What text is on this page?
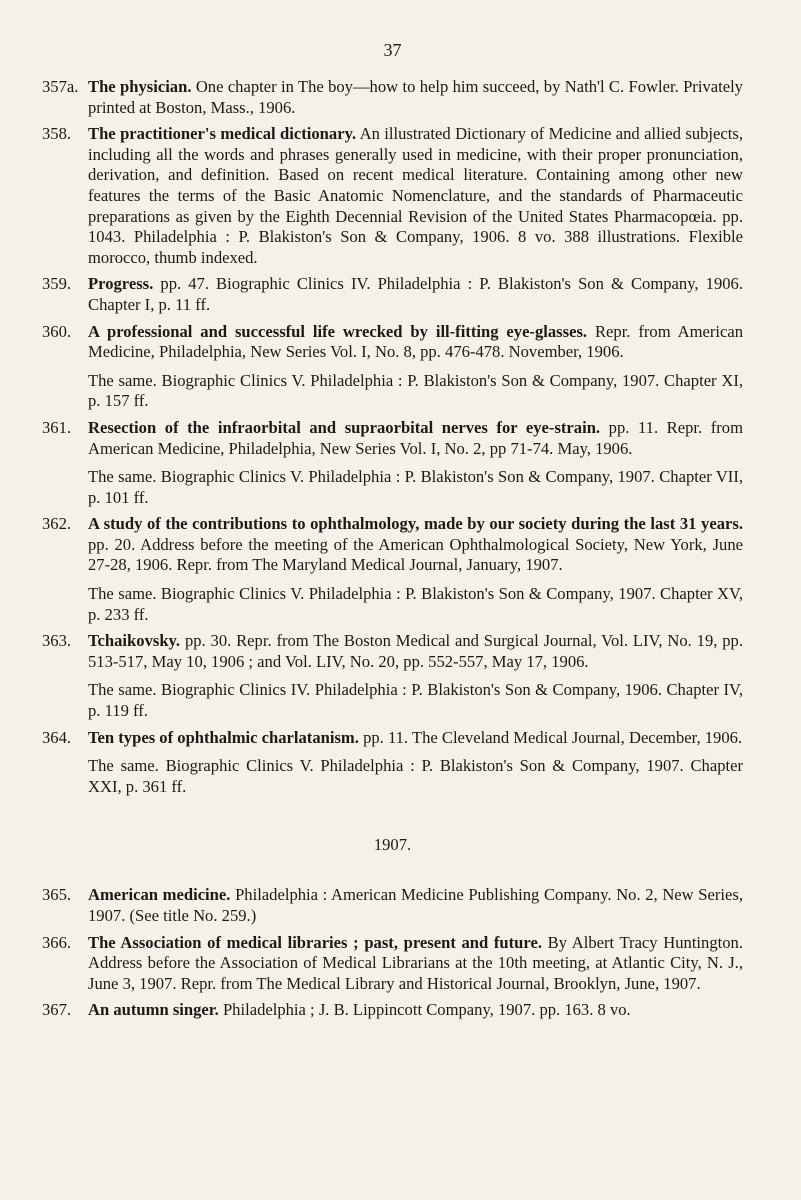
37
357a. The physician. One chapter in The boy—how to help him succeed, by Nath'l C. Fowler. Privately printed at Boston, Mass., 1906.
358.	The practitioner's medical dictionary. An illustrated Dictionary of Medicine and allied subjects, including all the words and phrases generally used in medicine, with their proper pronunciation, derivation, and definition. Based on recent medical literature. Containing among other new features the terms of the Basic Anatomic Nomenclature, and the standards of Pharmaceutic preparations as given by the Eighth Decennial Revision of the United States Pharmacopœia. pp. 1043. Philadelphia : P. Blakiston's Son & Company, 1906. 8 vo. 388 illustrations. Flexible morocco, thumb indexed.
359.	Progress. pp. 47. Biographic Clinics IV. Philadelphia : P. Blakiston's Son & Company, 1906. Chapter I, p. 11 ff.
360.	A professional and successful life wrecked by ill-fitting eye-glasses. Repr. from American Medicine, Philadelphia, New Series Vol. I, No. 8, pp. 476-478. November, 1906.
The same. Biographic Clinics V. Philadelphia : P. Blakiston's Son & Company, 1907. Chapter XI, p. 157 ff.
361.	Resection of the infraorbital and supraorbital nerves for eye-strain. pp. 11. Repr. from American Medicine, Philadelphia, New Series Vol. I, No. 2, pp 71-74. May, 1906.
The same. Biographic Clinics V. Philadelphia : P. Blakiston's Son & Company, 1907. Chapter VII, p. 101 ff.
362.	A study of the contributions to ophthalmology, made by our society during the last 31 years. pp. 20. Address before the meeting of the American Ophthalmological Society, New York, June 27-28, 1906. Repr. from The Maryland Medical Journal, January, 1907.
The same. Biographic Clinics V. Philadelphia : P. Blakiston's Son & Company, 1907. Chapter XV, p. 233 ff.
363.	Tchaikovsky. pp. 30. Repr. from The Boston Medical and Surgical Journal, Vol. LIV, No. 19, pp. 513-517, May 10, 1906 ; and Vol. LIV, No. 20, pp. 552-557, May 17, 1906.
The same. Biographic Clinics IV. Philadelphia : P. Blakiston's Son & Company, 1906. Chapter IV, p. 119 ff.
364.	Ten types of ophthalmic charlatanism. pp. 11. The Cleveland Medical Journal, December, 1906.
The same. Biographic Clinics V. Philadelphia : P. Blakiston's Son & Company, 1907. Chapter XXI, p. 361 ff.
1907.
365.	American medicine. Philadelphia : American Medicine Publishing Company. No. 2, New Series, 1907. (See title No. 259.)
366.	The Association of medical libraries ; past, present and future. By Albert Tracy Huntington. Address before the Association of Medical Librarians at the 10th meeting, at Atlantic City, N. J., June 3, 1907. Repr. from The Medical Library and Historical Journal, Brooklyn, June, 1907.
367.	An autumn singer. Philadelphia ; J. B. Lippincott Company, 1907. pp. 163. 8 vo.
